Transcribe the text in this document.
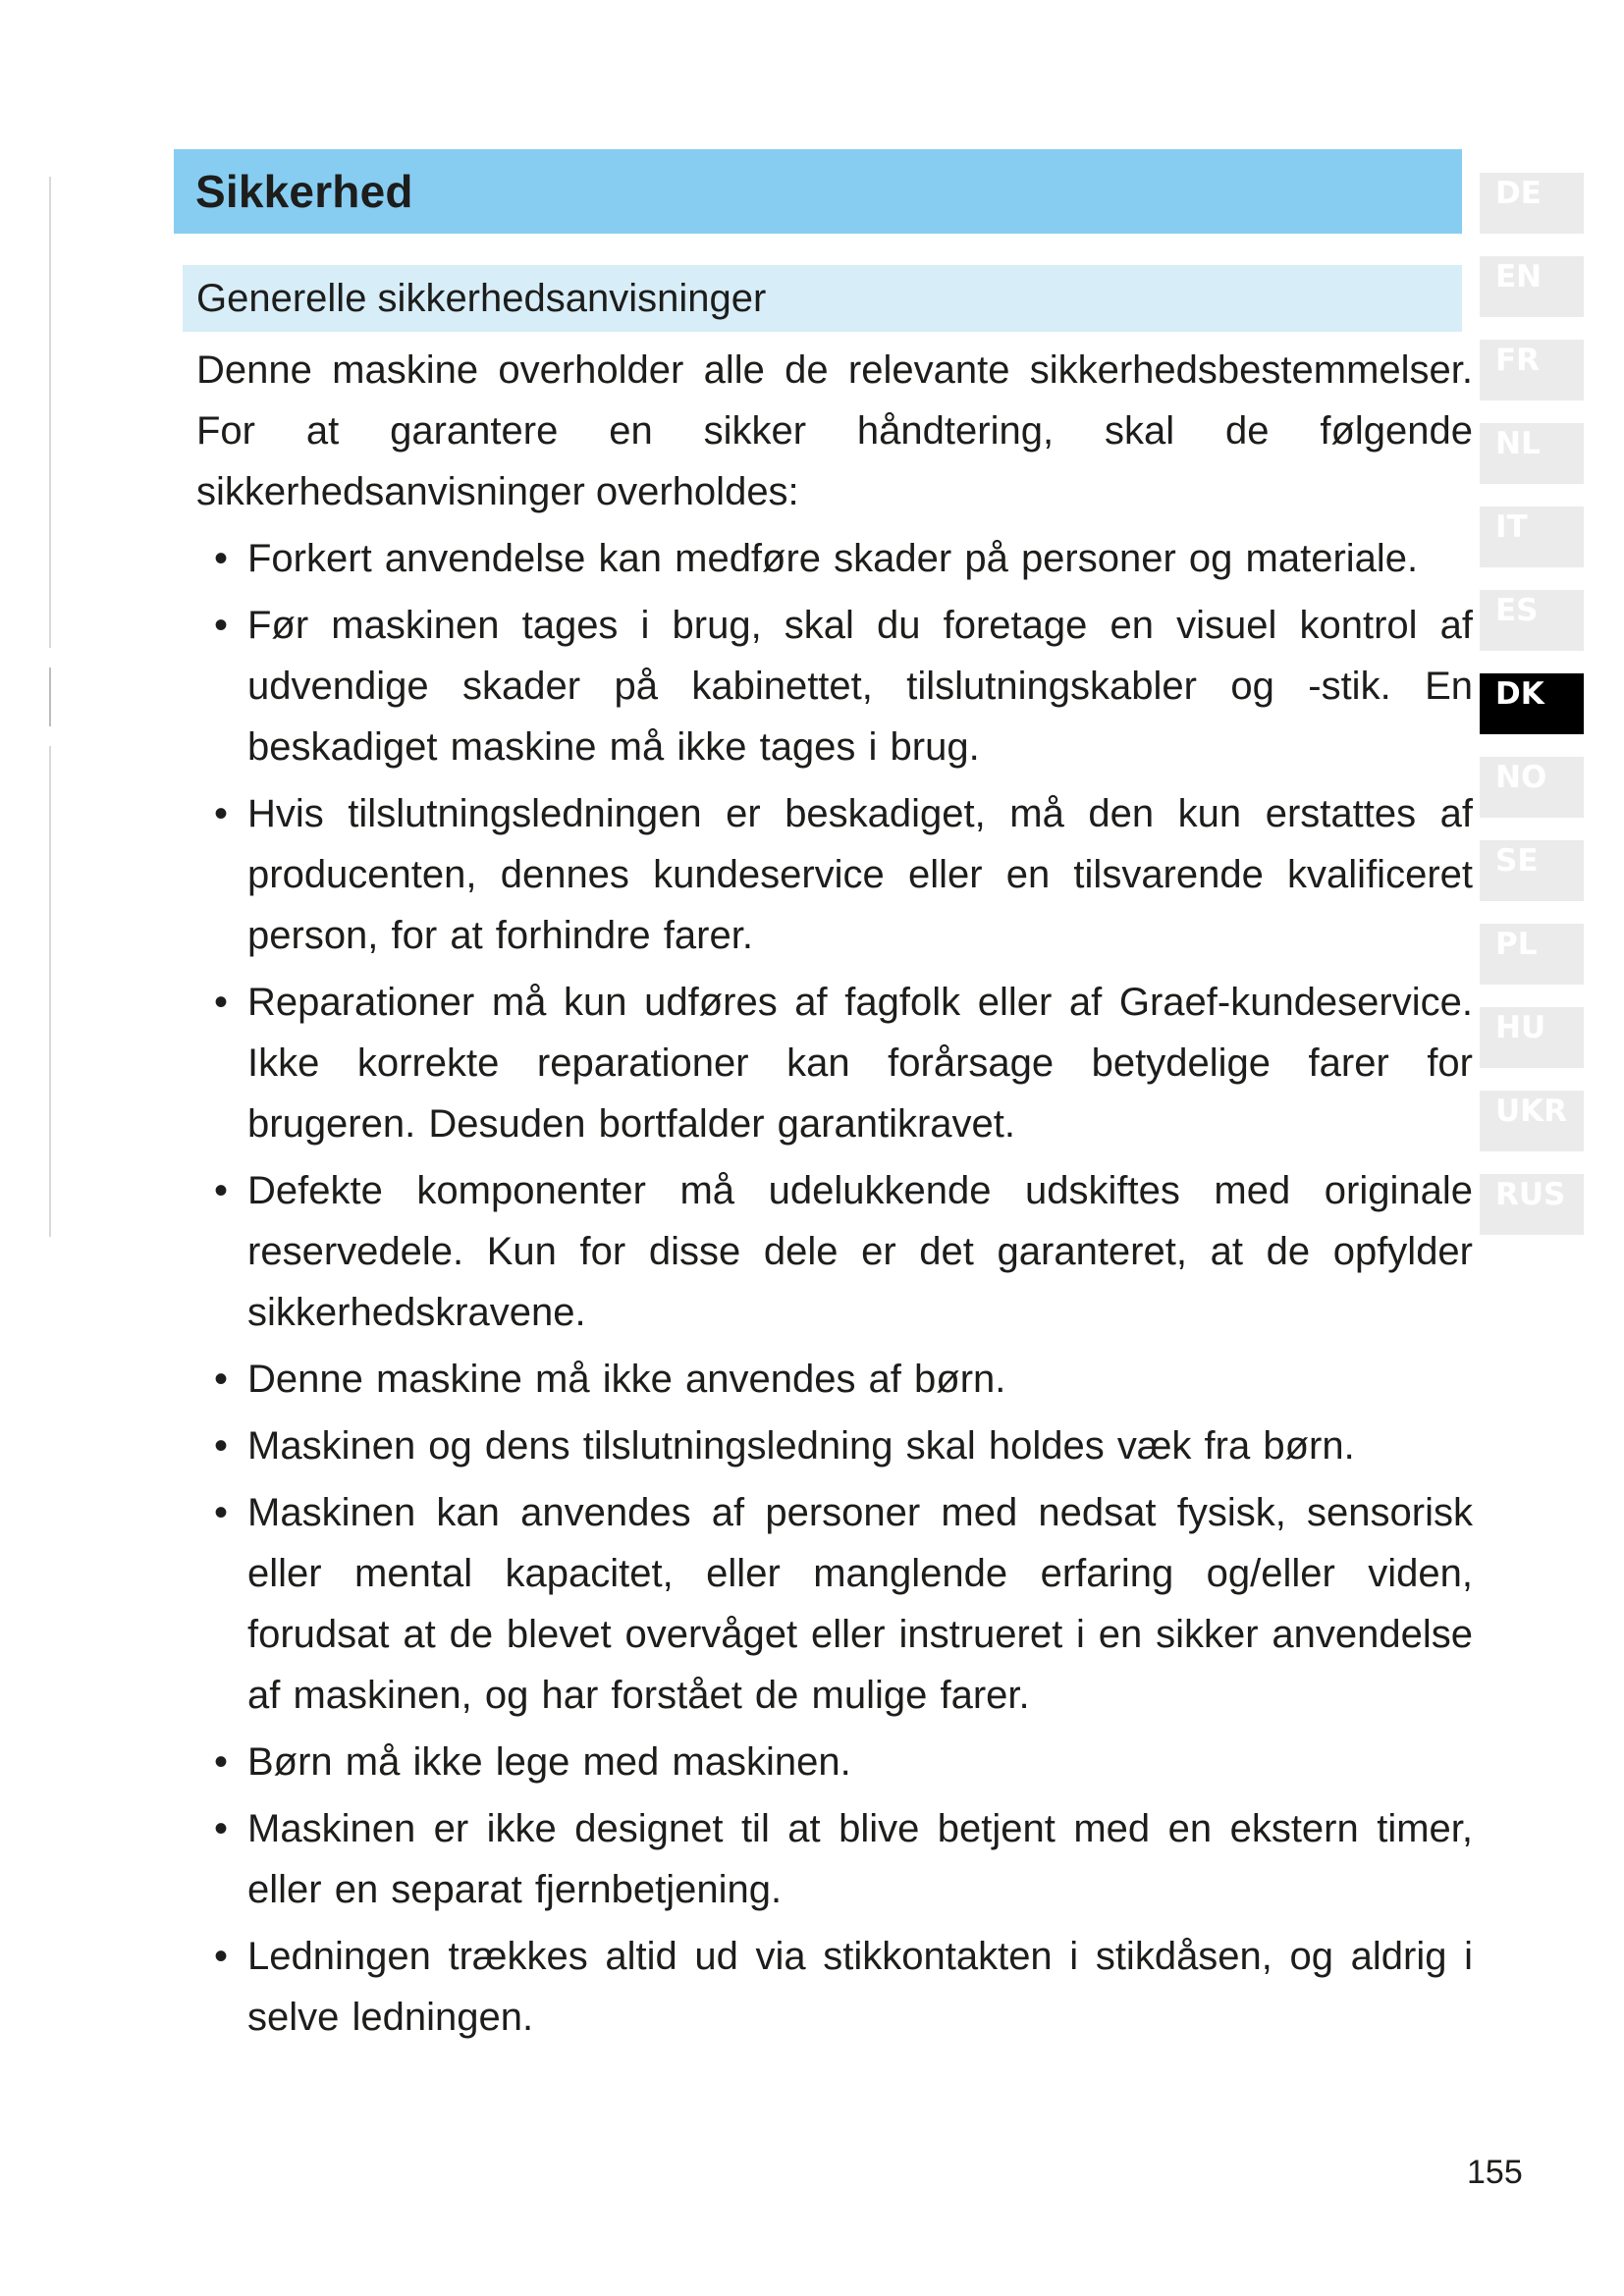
Sikkerhed
Generelle sikkerhedsanvisninger

Denne maskine overholder alle de relevante sikkerhedsbestemmelser. For at garantere en sikker håndtering, skal de følgende sikkerhedsanvisninger overholdes:

• Forkert anvendelse kan medføre skader på personer og materiale.
• Før maskinen tages i brug, skal du foretage en visuel kontrol af udvendige skader på kabinettet, tilslutningskabler og -stik. En beskadiget maskine må ikke tages i brug.
• Hvis tilslutningsledningen er beskadiget, må den kun erstattes af producenten, dennes kundeservice eller en tilsvarende kvalificeret person, for at forhindre farer.
• Reparationer må kun udføres af fagfolk eller af Graef-kundeservice. Ikke korrekte reparationer kan forårsage betydelige farer for brugeren. Desuden bortfalder garantikravet.
• Defekte komponenter må udelukkende udskiftes med originale reservedele. Kun for disse dele er det garanteret, at de opfylder sikkerhedskravene.
• Denne maskine må ikke anvendes af børn.
• Maskinen og dens tilslutningsledning skal holdes væk fra børn.
• Maskinen kan anvendes af personer med nedsat fysisk, sensorisk eller mental kapacitet, eller manglende erfaring og/eller viden, forudsat at de blevet overvåget eller instrueret i en sikker anvendelse af maskinen, og har forstået de mulige farer.
• Børn må ikke lege med maskinen.
• Maskinen er ikke designet til at blive betjent med en ekstern timer, eller en separat fjernbetjening.
• Ledningen trækkes altid ud via stikkontakten i stikdåsen, og aldrig i selve ledningen.
DE
EN
FR
NL
IT
ES
DK
NO
SE
PL
HU
UKR
RUS
155
